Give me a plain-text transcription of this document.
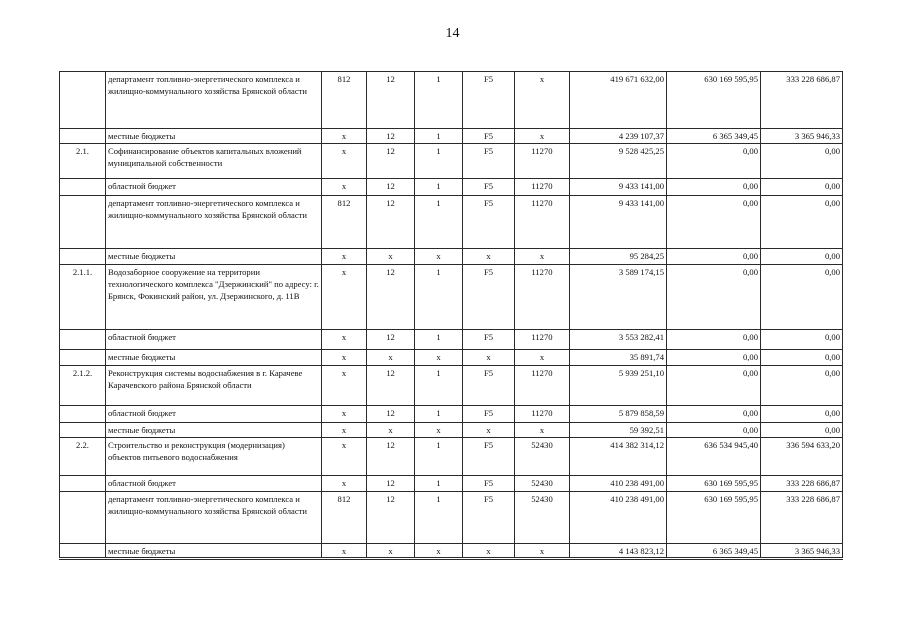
14
	департамент топливно-энергетического комплекса и жилищно-коммунального хозяйства Брянской области	812	12	1	F5	x	419 671 632,00	630 169 595,95	333 228 686,87
	местные бюджеты	x	12	1	F5	x	4 239 107,37	6 365 349,45	3 365 946,33
2.1.	Софинансирование объектов капитальных вложений муниципальной собственности	x	12	1	F5	11270	9 528 425,25	0,00	0,00
	областной бюджет	x	12	1	F5	11270	9 433 141,00	0,00	0,00
	департамент топливно-энергетического комплекса и жилищно-коммунального хозяйства Брянской области	812	12	1	F5	11270	9 433 141,00	0,00	0,00
	местные бюджеты	x	x	x	x	x	95 284,25	0,00	0,00
2.1.1.	Водозаборное сооружение на территории технологического комплекса "Дзержинский" по адресу: г. Брянск, Фокинский район, ул. Дзержинского, д. 11В	x	12	1	F5	11270	3 589 174,15	0,00	0,00
	областной бюджет	x	12	1	F5	11270	3 553 282,41	0,00	0,00
	местные бюджеты	x	x	x	x	x	35 891,74	0,00	0,00
2.1.2.	Реконструкция системы водоснабжения в г. Карачеве Карачевского района Брянской области	x	12	1	F5	11270	5 939 251,10	0,00	0,00
	областной бюджет	x	12	1	F5	11270	5 879 858,59	0,00	0,00
	местные бюджеты	x	x	x	x	x	59 392,51	0,00	0,00
2.2.	Строительство и реконструкция (модернизация) объектов питьевого водоснабжения	x	12	1	F5	52430	414 382 314,12	636 534 945,40	336 594 633,20
	областной бюджет	x	12	1	F5	52430	410 238 491,00	630 169 595,95	333 228 686,87
	департамент топливно-энергетического комплекса и жилищно-коммунального хозяйства Брянской области	812	12	1	F5	52430	410 238 491,00	630 169 595,95	333 228 686,87
	местные бюджеты	x	x	x	x	x	4 143 823,12	6 365 349,45	3 365 946,33
